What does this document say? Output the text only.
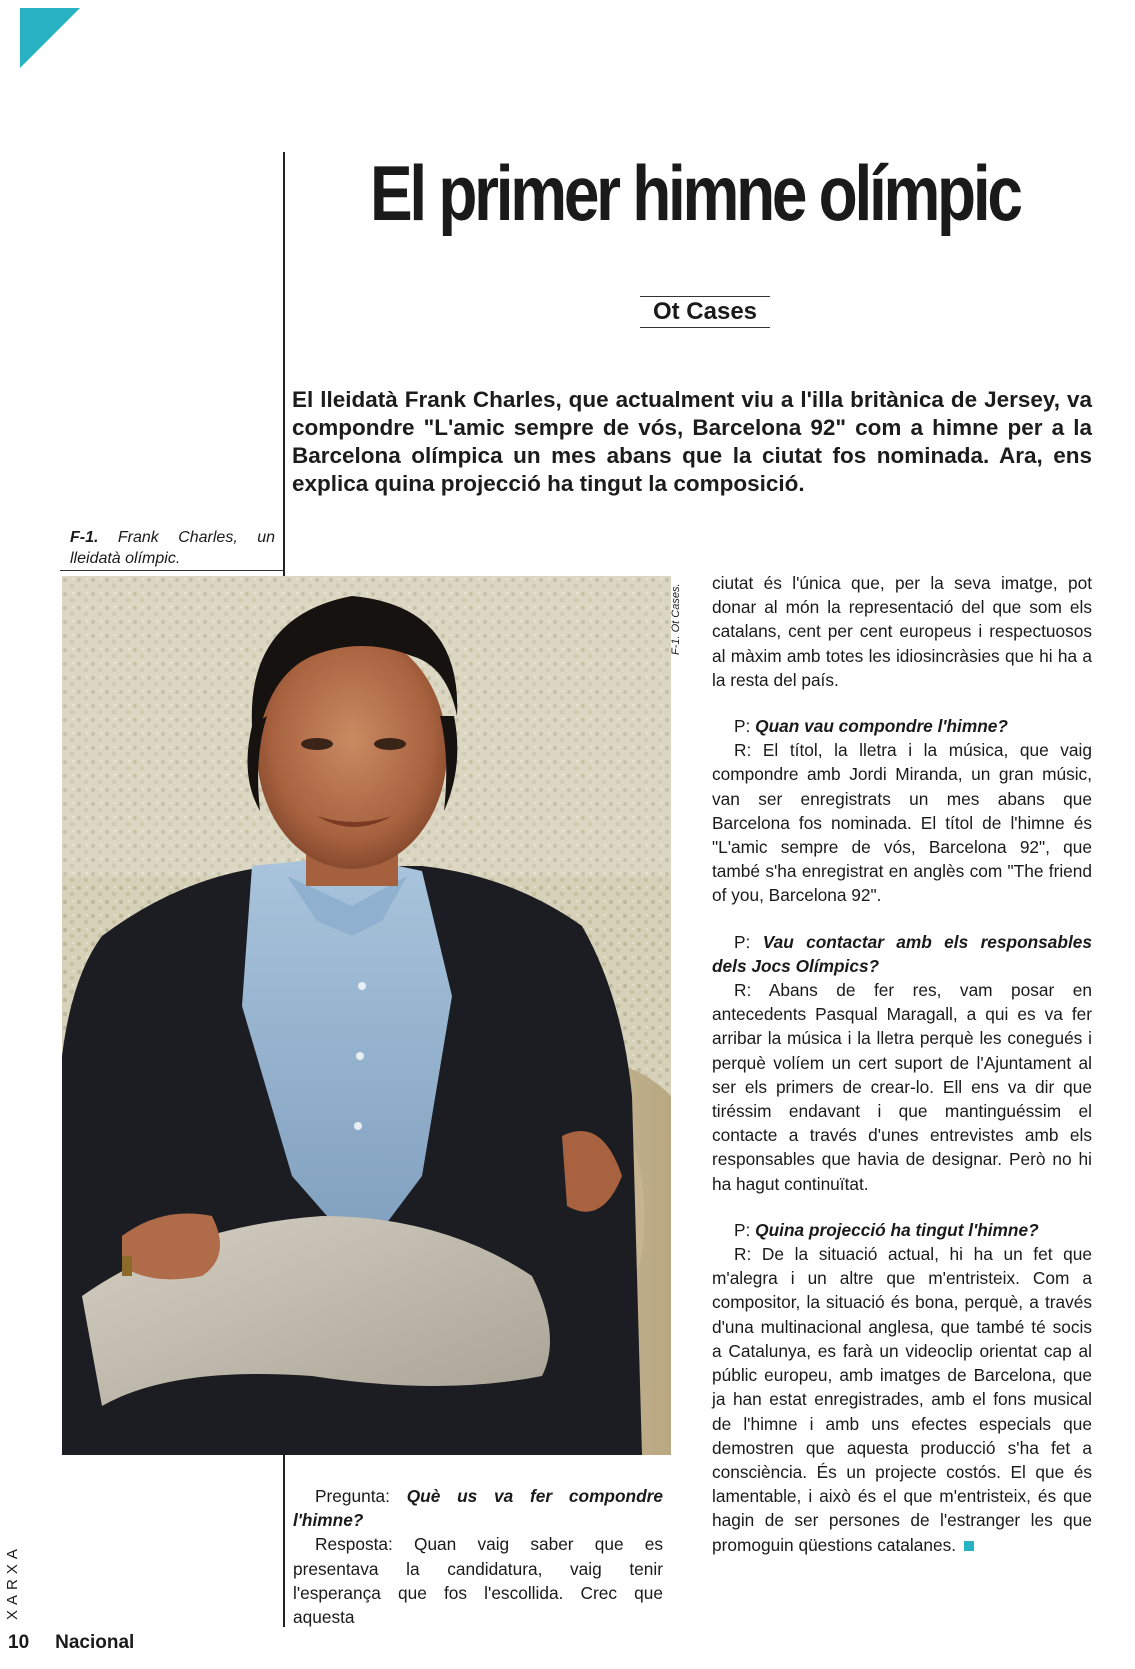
El primer himne olímpic
Ot Cases
El lleidatà Frank Charles, que actualment viu a l'illa britànica de Jersey, va compondre "L'amic sempre de vós, Barcelona 92" com a himne per a la Barcelona olímpica un mes abans que la ciutat fos nominada. Ara, ens explica quina projecció ha tingut la composició.
F-1. Frank Charles, un lleidatà olímpic.
F-1. Ot Cases.

ciutat és l'única que, per la seva imatge, pot donar al món la representació del que som els catalans, cent per cent europeus i respectuosos al màxim amb totes les idiosincràsies que hi ha a la resta del país.

P: Quan vau compondre l'himne?

R: El títol, la lletra i la música, que vaig compondre amb Jordi Miranda, un gran músic, van ser enregistrats un mes abans que Barcelona fos nominada. El títol de l'himne és "L'amic sempre de vós, Barcelona 92", que també s'ha enregistrat en anglès com "The friend of you, Barcelona 92".

P: Vau contactar amb els responsables dels Jocs Olímpics?

R: Abans de fer res, vam posar en antecedents Pasqual Maragall, a qui es va fer arribar la música i la lletra perquè les conegués i perquè volíem un cert suport de l'Ajuntament al ser els primers de crear-lo. Ell ens va dir que tiréssim endavant i que mantinguéssim el contacte a través d'unes entrevistes amb els responsables que havia de designar. Però no hi ha hagut continuïtat.

P: Quina projecció ha tingut l'himne?

R: De la situació actual, hi ha un fet que m'alegra i un altre que m'entristeix. Com a compositor, la situació és bona, perquè, a través d'una multinacional anglesa, que també té socis a Catalunya, es farà un videoclip orientat cap al públic europeu, amb imatges de Barcelona, que ja han estat enregistrades, amb el fons musical de l'himne i amb uns efectes especials que demostren que aquesta producció s'ha fet a consciència. És un projecte costós. El que és lamentable, i això és el que m'entristeix, és que hagin de ser persones de l'estranger les que promoguin qüestions catalanes.

Pregunta: Què us va fer compondre l'himne?

Resposta: Quan vaig saber que es presentava la candidatura, vaig tenir l'esperança que fos l'escollida. Crec que aquesta

XARXA
10 Nacional
